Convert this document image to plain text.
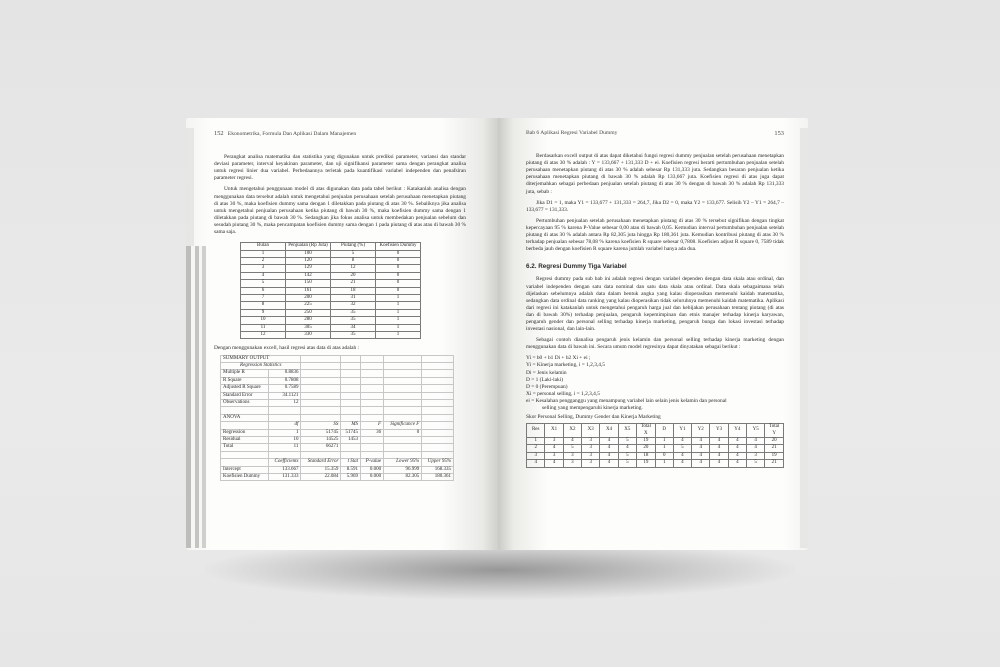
152 Ekonometrika, Formula Dan Aplikasi Dalam Manajemen

Perangkat analisa matematika dan statistika yang digunakan untuk prediksi parameter, variansi dan standar deviasi parameter, interval keyakinan parameter, dan uji signifikansi parameter sama dengan perangkat analisa untuk regresi linier dua variabel. Perbedaannya terletak pada kuantifikasi variabel independen dan penafsiran parameter regresi.

Untuk mengetahui penggunaan model di atas digunakan data pada tabel berikut : Katakanlah analisa dengan menggunakan data tersebut adalah untuk mengetahui penjualan perusahaan setelah perusahaan menetapkan piutang di atas 30 %, maka koefisien dummy sama dengan 1 diletakkan pada piutang di atas 30 %. Sebaliknya jika analisa untuk mengetahui penjualan perusahaan ketika piutang di bawah 30 %, maka koefisien dummy sama dengan 1 diletakkan pada piutang di bawah 30 %. Sedangkan jika fokus analisa untuk membedakan penjualan sebelum dan sesudah piutang 30 %, maka pencampatan koefisien dummy sama dengan 1 pada piutang di atas atau di bawah 30 % sama saja.

Bulan	Penjualan (Rp Juta)	Piutang (%)	Koefisien Dummy
1	100	5	0
2	120	8	0
3	129	12	0
4	142	20	0
5	150	21	0
6	161	18	0
7	200	31	1
8	225	32	1
9	250	35	1
10	280	35	1
11	305	34	1
12	330	35	1

Dengan menggunakan excell, hasil regresi atas data di atas adalah :

SUMMARY OUTPUT						
Regression Statistics						
Multiple R	0.8836					
R Square	0.7808					
Adjusted R Square	0.7589					
Standard Error	34.1121					
Observations	12					

ANOVA						
	df	SS	MS	F	Significance F	
Regression	1	51745	51745	36	0	
Residual	10	14525	1453			
Total	11	66271				

	Coefficients	Standard Error	t Stat	P-value	Lower 95%	Upper 95%
Intercept	133.667	15.359	8.591	0.000	96.999	168.335
Koefisien Dummy	131.333	22.084	5.969	0.000	82.305	180.361
Bab 6 Aplikasi Regresi Variabel Dummy	153

Berdasarkan excell output di atas dapat diketahui fungsi regresi dummy penjualan setelah perusahaan menetapkan piutang di atas 30 % adalah : Y = 133,667 + 131,333 D + ei. Koefisien regresi berarti pertumbuhan penjualan setelah perusahaan menetapkan piutang di atas 30 % adalah sebesar Rp 131,333 juta. Sedangkan besaran penjualan ketika perusahaan menetapkan piutang di bawah 30 % adalah Rp 133,667 juta. Koefisien regresi di atas juga dapat diterjemahkan sebagai perbedaan penjualan setelah piutang di atas 30 % dengan di bawah 30 % adalah Rp 131,333 juta, sebab :

Jika D1 = 1, maka Y1 = 133,677 + 131,333 = 264,7, Jika D2 = 0, maka Y2 = 133,677. Selisih Y2 – Y1 = 264,7 – 133,677 = 131,333.

Pertumbuhan penjualan setelah perusahaan menetapkan piutang di atas 30 % tersebut signifikan dengan tingkat kepercayaan 95 % karena P-Value sebesar 0,00 atau di bawah 0,05. Kemudian interval pertumbuhan penjualan setelah piutang di atas 30 % adalah antara Rp 82,305 juta hingga Rp 180,361 juta. Kemudian kontribusi piutang di atas 30 % terhadap penjualan sebesar 78,08 % karena koefisien R square sebesar 0,7808. Koefisien adjust R square 0, 7589 tidak berbeda jauh dengan koefisien R square karena jumlah variabel hanya ada dua.

6.2. Regresi Dummy Tiga Variabel

Regresi dummy pada sub bab ini adalah regresi dengan variabel dependen dengan data skala atau ordinal, dan variabel independen dengan satu data nominal dan satu data skala atau ordinal. Data skala sebagaimana telah dijelaskan sebelumnya adalah data dalam bentuk angka yang kalau dioperasikan memenuhi kaidah matematika, sedangkan data ordinal data ranking yang kalau dioperasikan tidak seluruhnya memenuhi kaidah matematika. Aplikasi dari regresi ini katakanlah untuk mengetahui pengaruh harga jual dan kebijakan perusahaan tentang piutang (di atas dan di bawah 30%) terhadap penjualan, pengaruh kepemimpinan dan etnis manajer terhadap kinerja karyawan, pengaruh gender dan personal selling terhadap kinerja marketing, pengaruh bunga dan lokasi investasi terhadap investasi nasional, dan lain-lain.

Sebagai contoh dianalisa pengaruh jenis kelamin dan personal selling terhadap kinerja marketing dengan menggunakan data di bawah ini. Secara umum model regresinya dapat dinyatakan sebagai berikut :

Yi = b0 + b1 Di + b2 Xi + ei ;

Yi = Kinerja marketing, i = 1,2,3,4,5

Di = Jenis kelamin

D = 1 (Laki-laki)

D = 0 (Perempuan)

Xi = personal selling, i = 1,2,3,4,5

ei = Kesalahan pengganggu yang menampung variabel lain selain jenis kelamin dan personal

selling yang mempengaruhi kinerja marketing.

Skor Personal Selling, Dummy Gender dan Kinerja Marketing

Res	X1	X2	X3	X4	X5	Total X	D	Y1	Y2	Y3	Y4	Y5	Total Y
1	3	4	3	4	5	19	1	4	4	4	4	4	20
2	4	5	3	4	4	20	1	5	4	4	4	4	21
3	3	3	3	4	5	18	0	4	4	4	4	3	19
4	4	3	3	4	5	19	1	4	4	4	4	5	21
